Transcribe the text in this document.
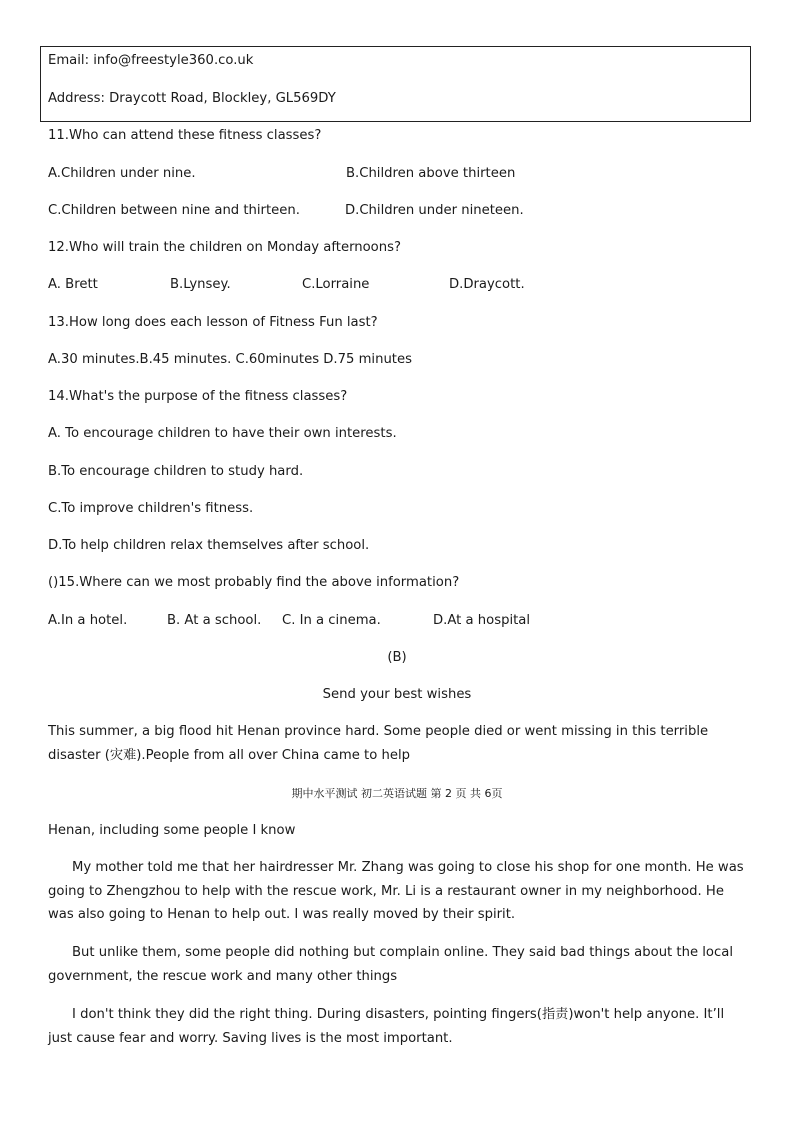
Email: info@freestyle360.co.uk
Address: Draycott Road, Blockley, GL569DY
11.Who can attend these fitness classes?
A.Children under nine.	B.Children above thirteen
C.Children between nine and thirteen.	D.Children under nineteen.
12.Who will train the children on Monday afternoons?
A. Brett	B.Lynsey.	C.Lorraine	D.Draycott.
13.How long does each lesson of Fitness Fun last?
A.30 minutes.B.45 minutes. C.60minutes D.75 minutes
14.What's the purpose of the fitness classes?
A. To encourage children to have their own interests.
B.To encourage children to study hard.
C.To improve children's fitness.
D.To help children relax themselves after school.
()15.Where can we most probably find the above information?
A.In a hotel.	B. At a school. C. In a cinema.	D.At a hospital
(B)
Send your best wishes
This summer, a big flood hit Henan province hard. Some people died or went missing in this terrible disaster (灾难).People from all over China came to help
期中水平测试 初二英语试题 第 2 页 共 6页
Henan, including some people I know
My mother told me that her hairdresser Mr. Zhang was going to close his shop for one month. He was going to Zhengzhou to help with the rescue work, Mr. Li is a restaurant owner in my neighborhood. He was also going to Henan to help out. I was really moved by their spirit.
But unlike them, some people did nothing but complain online. They said bad things about the local government, the rescue work and many other things
I don't think they did the right thing. During disasters, pointing fingers(指责)won't help anyone. It’ll just cause fear and worry. Saving lives is the most important.
